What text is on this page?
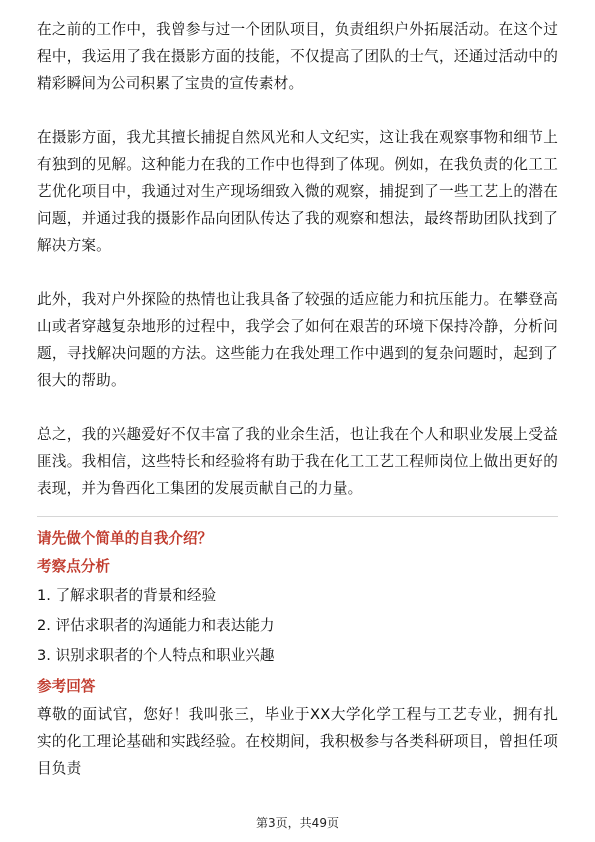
在之前的工作中，我曾参与过一个团队项目，负责组织户外拓展活动。在这个过程中，我运用了我在摄影方面的技能，不仅提高了团队的士气，还通过活动中的精彩瞬间为公司积累了宝贵的宣传素材。

在摄影方面，我尤其擅长捕捉自然风光和人文纪实，这让我在观察事物和细节上有独到的见解。这种能力在我的工作中也得到了体现。例如，在我负责的化工工艺优化项目中，我通过对生产现场细致入微的观察，捕捉到了一些工艺上的潜在问题，并通过我的摄影作品向团队传达了我的观察和想法，最终帮助团队找到了解决方案。

此外，我对户外探险的热情也让我具备了较强的适应能力和抗压能力。在攀登高山或者穿越复杂地形的过程中，我学会了如何在艰苦的环境下保持冷静，分析问题，寻找解决问题的方法。这些能力在我处理工作中遇到的复杂问题时，起到了很大的帮助。

总之，我的兴趣爱好不仅丰富了我的业余生活，也让我在个人和职业发展上受益匪浅。我相信，这些特长和经验将有助于我在化工工艺工程师岗位上做出更好的表现，并为鲁西化工集团的发展贡献自己的力量。

请先做个简单的自我介绍？

考察点分析

1. 了解求职者的背景和经验
2. 评估求职者的沟通能力和表达能力
3. 识别求职者的个人特点和职业兴趣

参考回答

尊敬的面试官，您好！我叫张三，毕业于XX大学化学工程与工艺专业，拥有扎实的化工理论基础和实践经验。在校期间，我积极参与各类科研项目，曾担任项目负责

第3页，共49页
